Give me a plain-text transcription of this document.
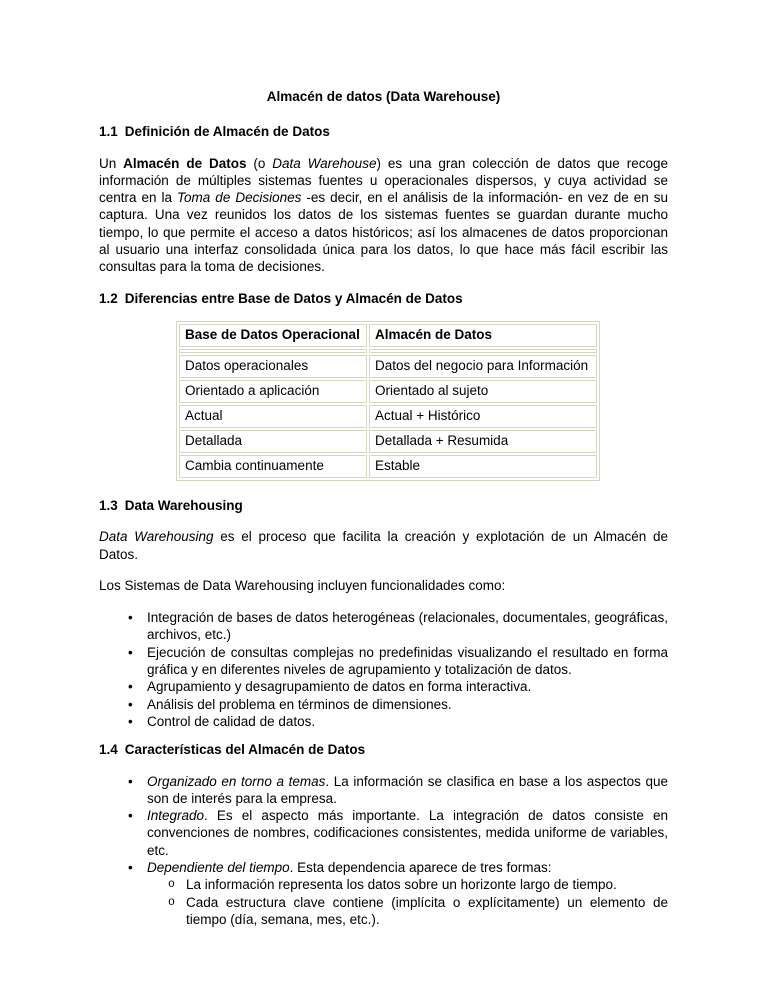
Almacén de datos (Data Warehouse)
1.1 Definición de Almacén de Datos
Un Almacén de Datos (o Data Warehouse) es una gran colección de datos que recoge información de múltiples sistemas fuentes u operacionales dispersos, y cuya actividad se centra en la Toma de Decisiones -es decir, en el análisis de la información- en vez de en su captura. Una vez reunidos los datos de los sistemas fuentes se guardan durante mucho tiempo, lo que permite el acceso a datos históricos; así los almacenes de datos proporcionan al usuario una interfaz consolidada única para los datos, lo que hace más fácil escribir las consultas para la toma de decisiones.
1.2 Diferencias entre Base de Datos y Almacén de Datos
Base de Datos Operacional	Almacén de Datos

Datos operacionales	Datos del negocio para Información
Orientado a aplicación	Orientado al sujeto
Actual	Actual + Histórico
Detallada	Detallada + Resumida
Cambia continuamente	Estable
1.3 Data Warehousing
Data Warehousing es el proceso que facilita la creación y explotación de un Almacén de Datos.
Los Sistemas de Data Warehousing incluyen funcionalidades como:
• Integración de bases de datos heterogéneas (relacionales, documentales, geográficas, archivos, etc.)
• Ejecución de consultas complejas no predefinidas visualizando el resultado en forma gráfica y en diferentes niveles de agrupamiento y totalización de datos.
• Agrupamiento y desagrupamiento de datos en forma interactiva.
• Análisis del problema en términos de dimensiones.
• Control de calidad de datos.
1.4 Características del Almacén de Datos
• Organizado en torno a temas. La información se clasifica en base a los aspectos que son de interés para la empresa.
• Integrado. Es el aspecto más importante. La integración de datos consiste en convenciones de nombres, codificaciones consistentes, medida uniforme de variables, etc.
• Dependiente del tiempo. Esta dependencia aparece de tres formas:
o La información representa los datos sobre un horizonte largo de tiempo.
o Cada estructura clave contiene (implícita o explícitamente) un elemento de tiempo (día, semana, mes, etc.).
